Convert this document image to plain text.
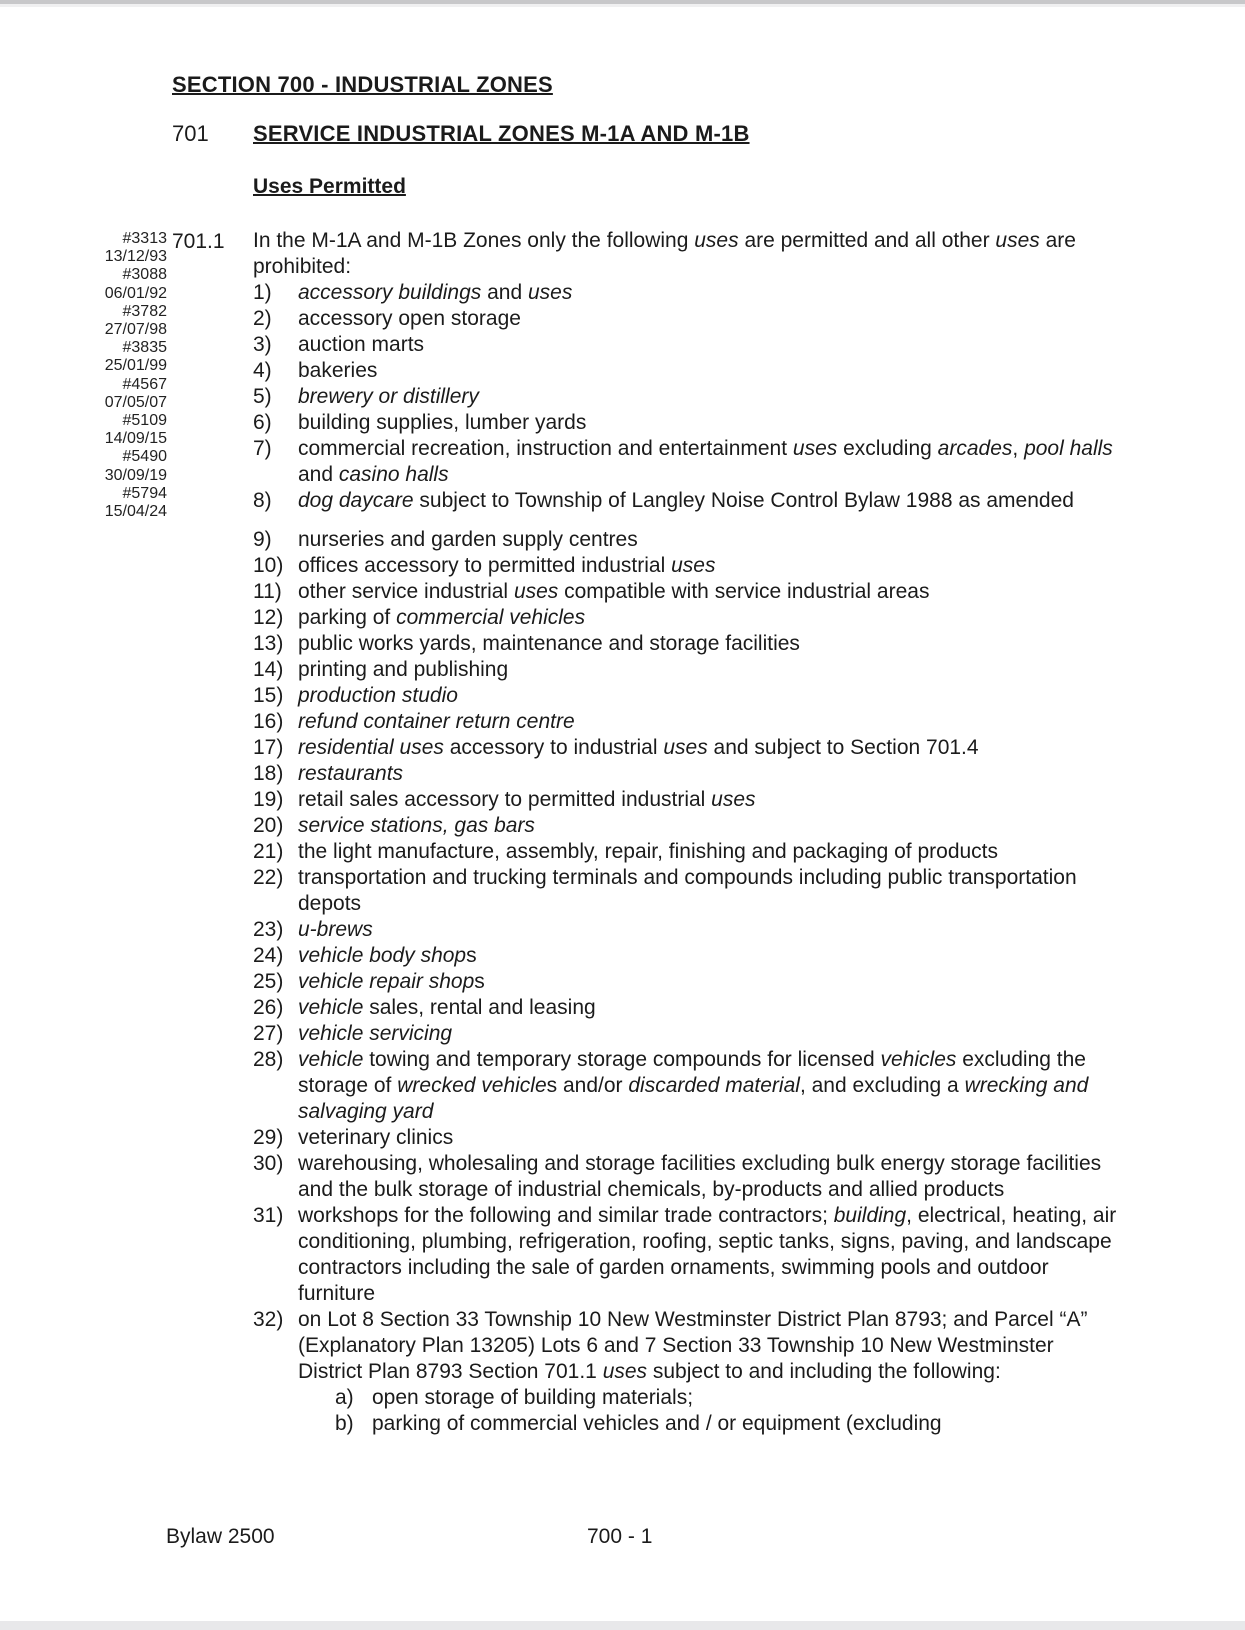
SECTION 700 - INDUSTRIAL ZONES
701	SERVICE INDUSTRIAL ZONES M-1A AND M-1B
Uses Permitted
#3313
13/12/93
#3088
06/01/92
#3782
27/07/98
#3835
25/01/99
#4567
07/05/07
#5109
14/09/15
#5490
30/09/19
#5794
15/04/24
701.1 In the M-1A and M-1B Zones only the following uses are permitted and all other uses are prohibited:

1)	accessory buildings and uses
2)	accessory open storage
3)	auction marts
4)	bakeries
5)	brewery or distillery
6)	building supplies, lumber yards
7)	commercial recreation, instruction and entertainment uses excluding arcades, pool halls and casino halls
8)	dog daycare subject to Township of Langley Noise Control Bylaw 1988 as amended
9)	nurseries and garden supply centres
10) offices accessory to permitted industrial uses
11) other service industrial uses compatible with service industrial areas
12) parking of commercial vehicles
13) public works yards, maintenance and storage facilities
14) printing and publishing
15) production studio
16) refund container return centre
17) residential uses accessory to industrial uses and subject to Section 701.4
18) restaurants
19) retail sales accessory to permitted industrial uses
20) service stations, gas bars
21) the light manufacture, assembly, repair, finishing and packaging of products
22) transportation and trucking terminals and compounds including public transportation depots
23) u-brews
24) vehicle body shops
25) vehicle repair shops
26) vehicle sales, rental and leasing
27) vehicle servicing
28) vehicle towing and temporary storage compounds for licensed vehicles excluding the storage of wrecked vehicles and/or discarded material, and excluding a wrecking and salvaging yard
29) veterinary clinics
30) warehousing, wholesaling and storage facilities excluding bulk energy storage facilities and the bulk storage of industrial chemicals, by-products and allied products
31) workshops for the following and similar trade contractors; building, electrical, heating, air conditioning, plumbing, refrigeration, roofing, septic tanks, signs, paving, and landscape contractors including the sale of garden ornaments, swimming pools and outdoor furniture
32) on Lot 8 Section 33 Township 10 New Westminster District Plan 8793; and Parcel “A” (Explanatory Plan 13205) Lots 6 and 7 Section 33 Township 10 New Westminster District Plan 8793 Section 701.1 uses subject to and including the following:
a) open storage of building materials;
b) parking of commercial vehicles and / or equipment (excluding
Bylaw 2500	700 - 1
